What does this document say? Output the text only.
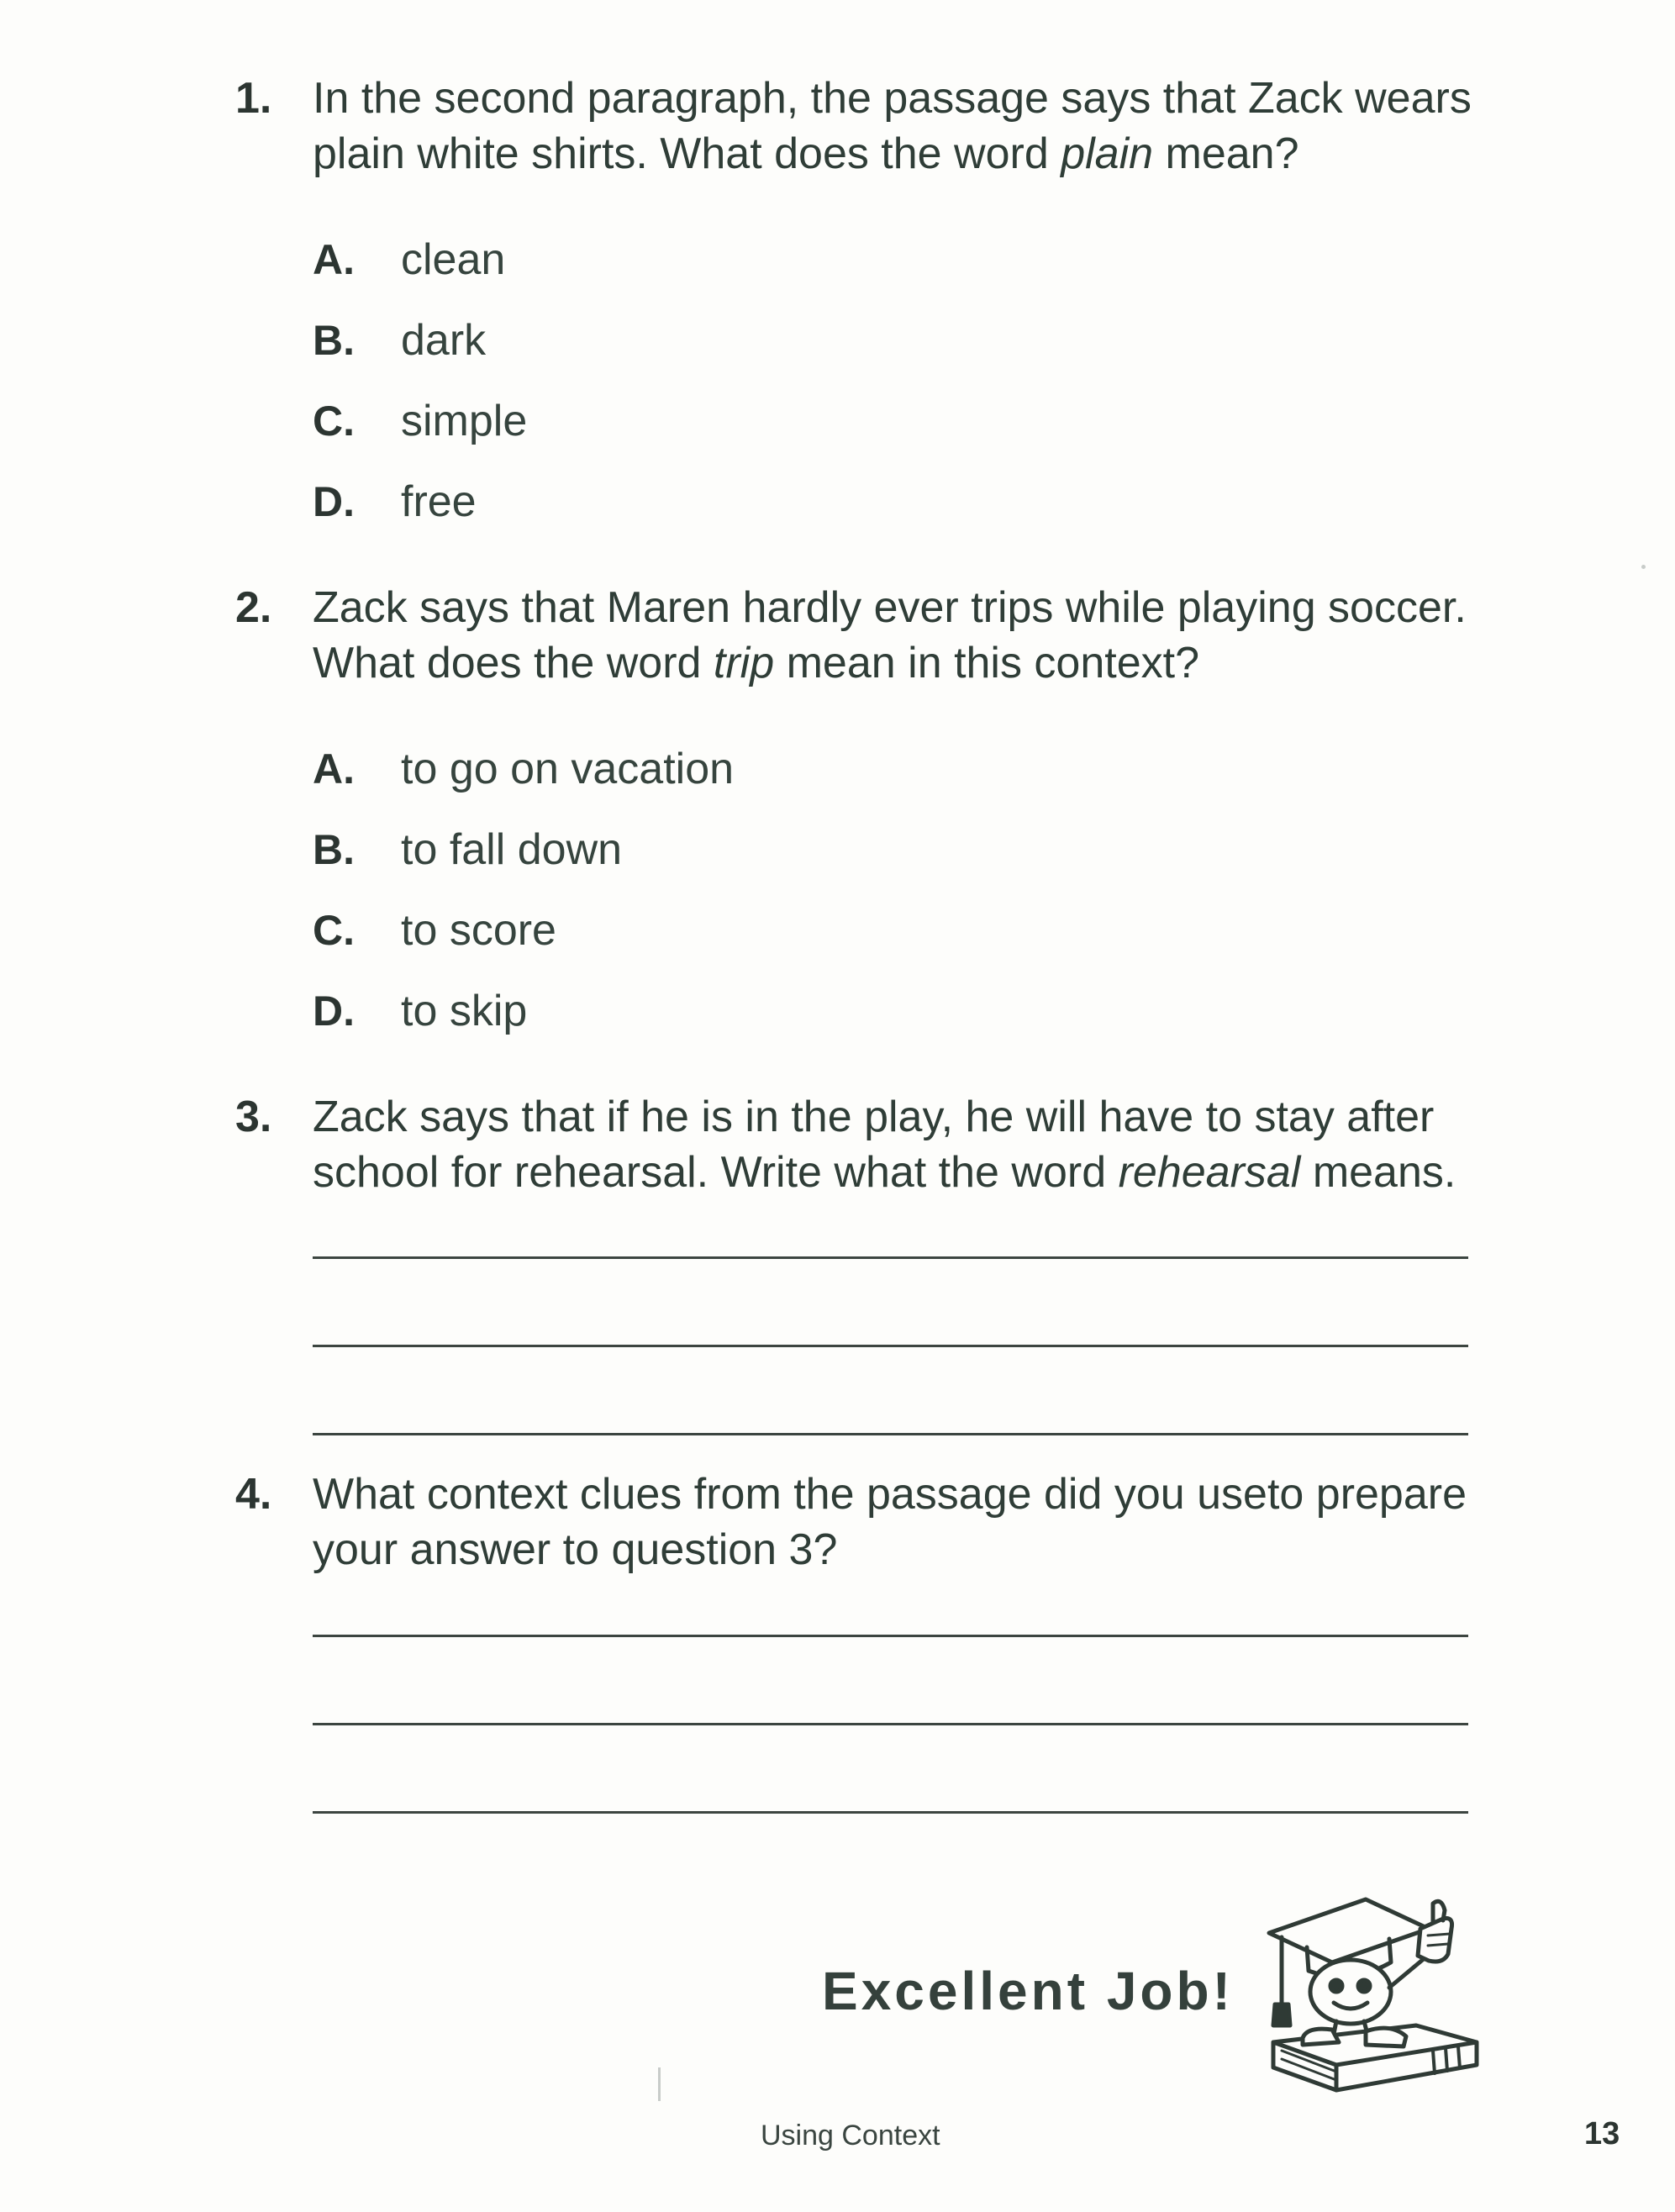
1. In the second paragraph, the passage says that Zack wears plain white shirts. What does the word plain mean?
A. clean
B. dark
C. simple
D. free
2. Zack says that Maren hardly ever trips while playing soccer. What does the word trip mean in this context?
A. to go on vacation
B. to fall down
C. to score
D. to skip
3. Zack says that if he is in the play, he will have to stay after school for rehearsal. Write what the word rehearsal means.
4. What context clues from the passage did you useto prepare your answer to question 3?
Excellent Job!
Using Context	13
